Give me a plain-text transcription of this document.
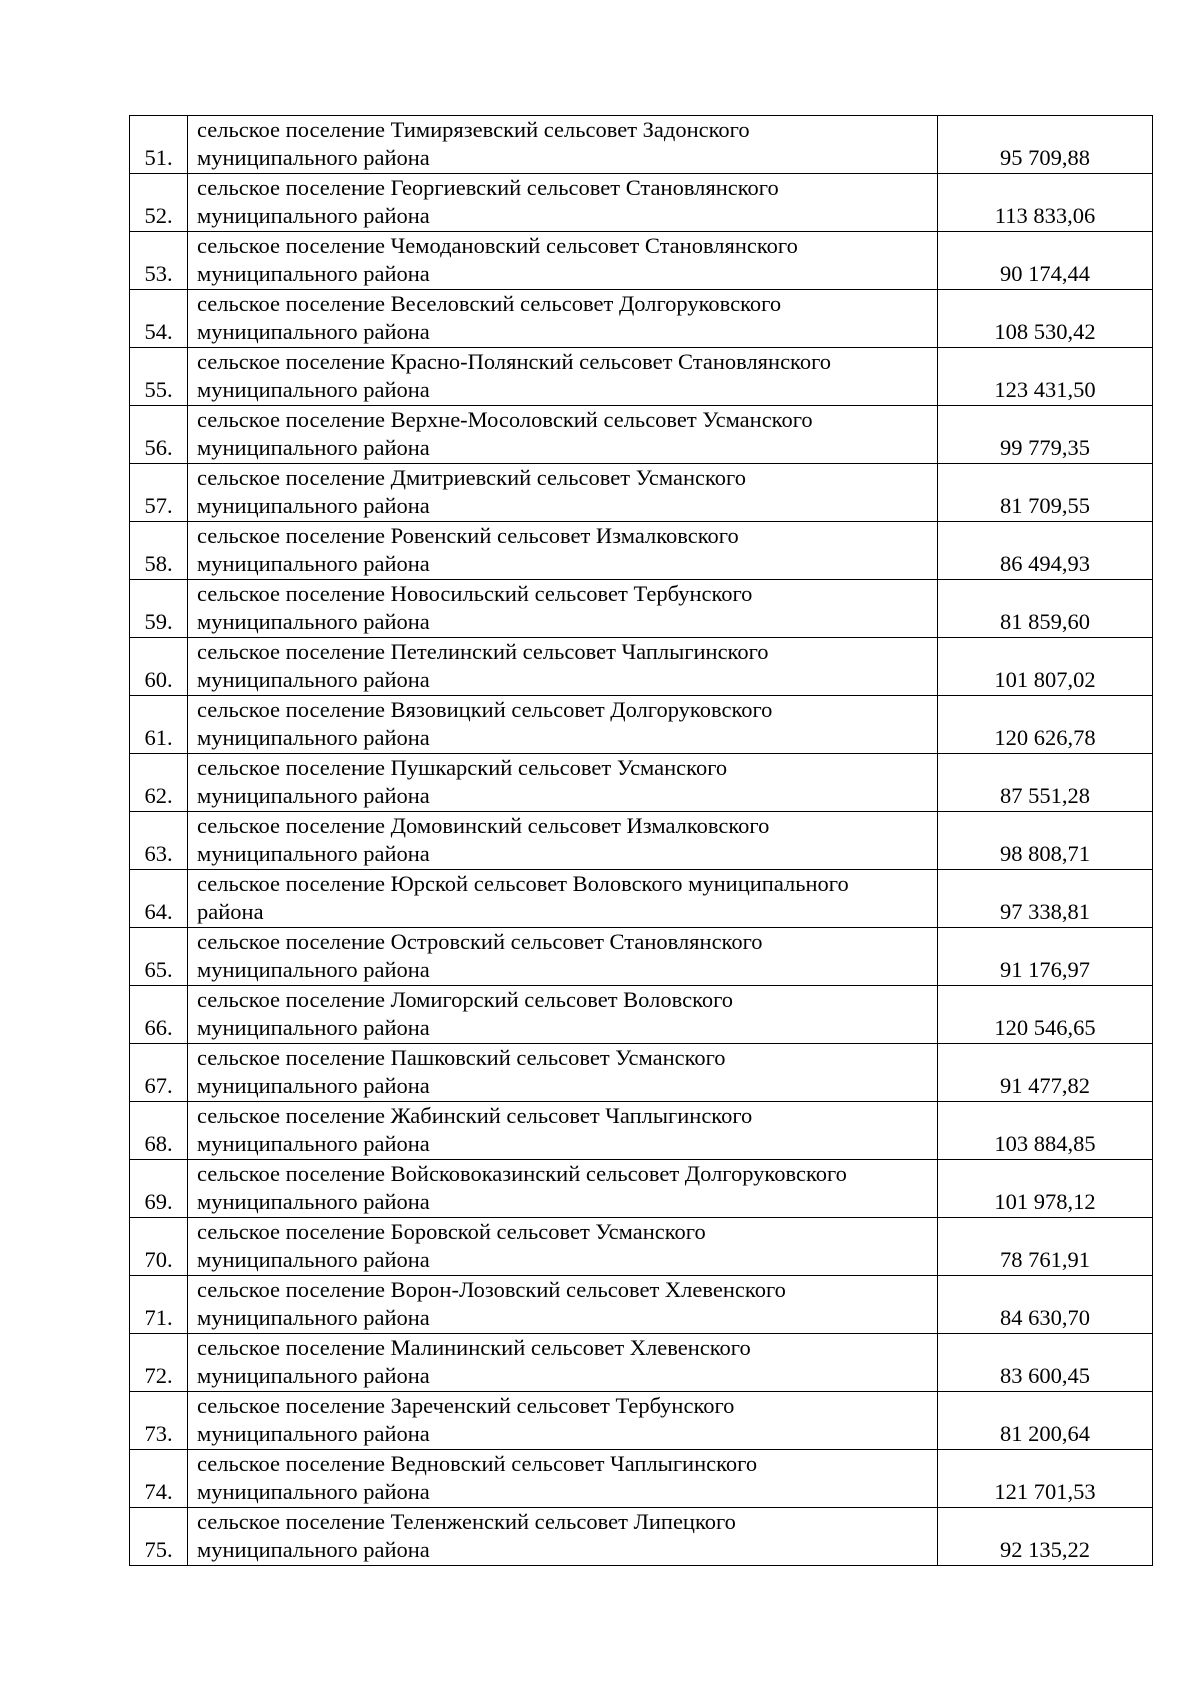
51.	сельское поселение Тимирязевский сельсовет Задонского
муниципального района	95 709,88
52.	сельское поселение Георгиевский сельсовет Становлянского
муниципального района	113 833,06
53.	сельское поселение Чемодановский сельсовет Становлянского
муниципального района	90 174,44
54.	сельское поселение Веселовский сельсовет Долгоруковского
муниципального района	108 530,42
55.	сельское поселение Красно-Полянский сельсовет Становлянского
муниципального района	123 431,50
56.	сельское поселение Верхне-Мосоловский сельсовет Усманского
муниципального района	99 779,35
57.	сельское поселение Дмитриевский сельсовет Усманского
муниципального района	81 709,55
58.	сельское поселение Ровенский сельсовет Измалковского
муниципального района	86 494,93
59.	сельское поселение Новосильский сельсовет Тербунского
муниципального района	81 859,60
60.	сельское поселение Петелинский сельсовет Чаплыгинского
муниципального района	101 807,02
61.	сельское поселение Вязовицкий сельсовет Долгоруковского
муниципального района	120 626,78
62.	сельское поселение Пушкарский сельсовет Усманского
муниципального района	87 551,28
63.	сельское поселение Домовинский сельсовет Измалковского
муниципального района	98 808,71
64.	сельское поселение Юрской сельсовет Воловского муниципального
района	97 338,81
65.	сельское поселение Островский сельсовет Становлянского
муниципального района	91 176,97
66.	сельское поселение Ломигорский сельсовет Воловского
муниципального района	120 546,65
67.	сельское поселение Пашковский сельсовет Усманского
муниципального района	91 477,82
68.	сельское поселение Жабинский сельсовет Чаплыгинского
муниципального района	103 884,85
69.	сельское поселение Войсковоказинский сельсовет Долгоруковского
муниципального района	101 978,12
70.	сельское поселение Боровской сельсовет Усманского
муниципального района	78 761,91
71.	сельское поселение Ворон-Лозовский сельсовет Хлевенского
муниципального района	84 630,70
72.	сельское поселение Малининский сельсовет Хлевенского
муниципального района	83 600,45
73.	сельское поселение Зареченский сельсовет Тербунского
муниципального района	81 200,64
74.	сельское поселение Ведновский сельсовет Чаплыгинского
муниципального района	121 701,53
75.	сельское поселение Теленженский сельсовет Липецкого
муниципального района	92 135,22
